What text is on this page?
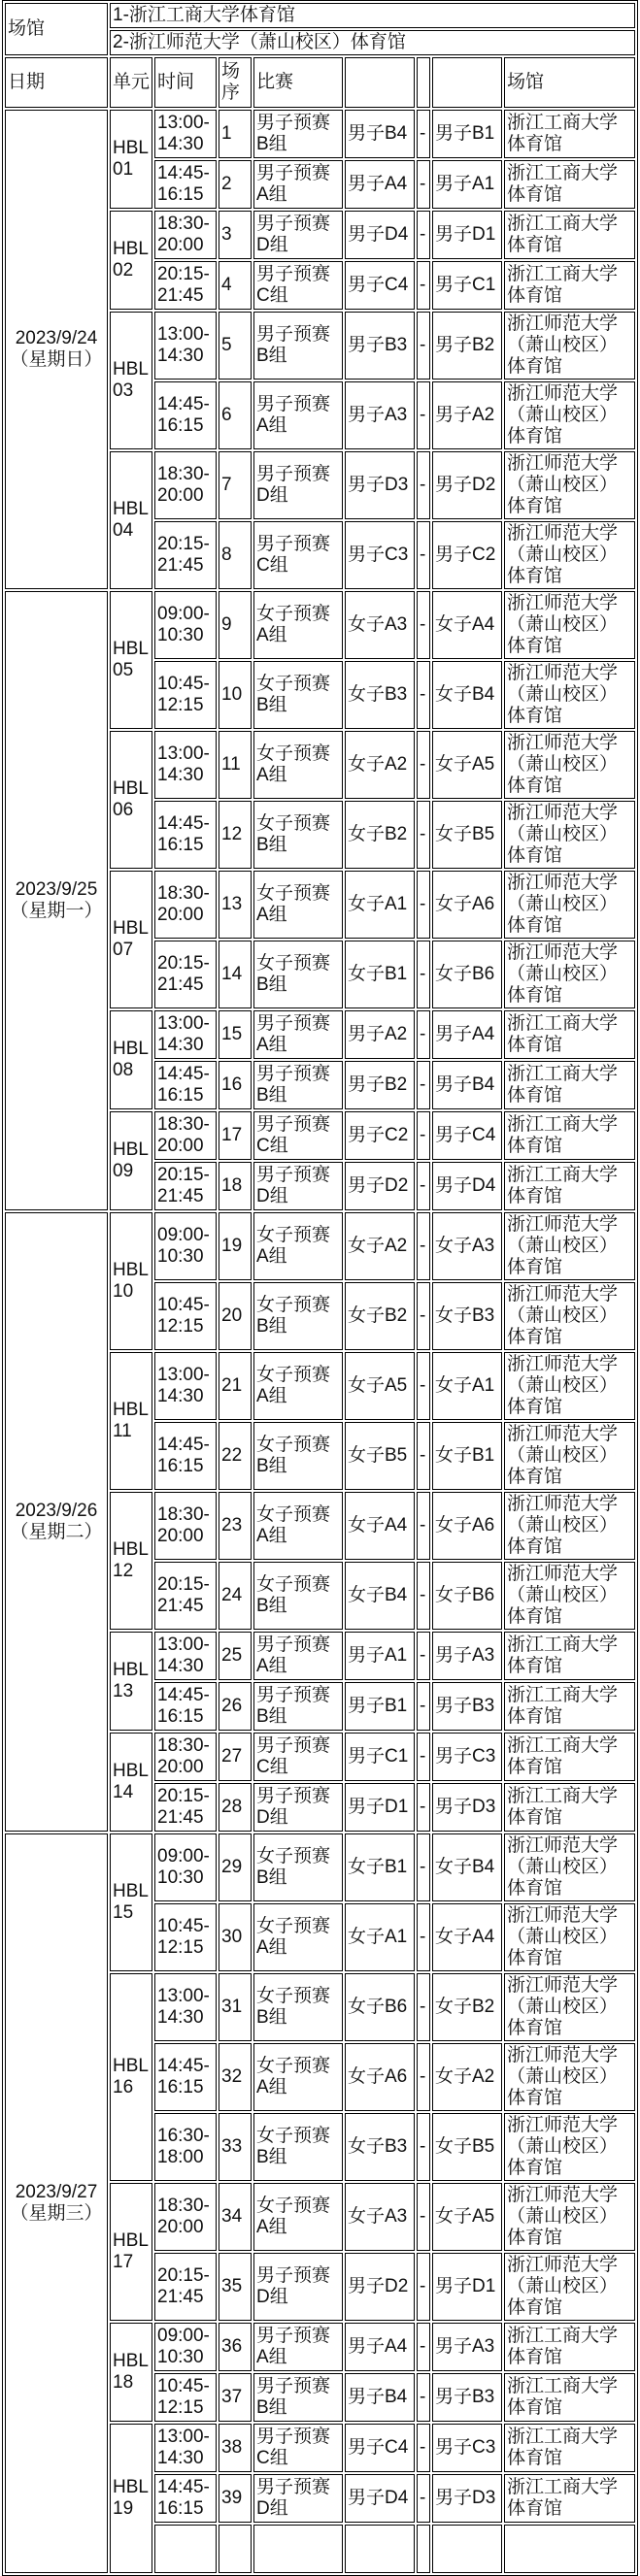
场馆	1-浙江工商大学体育馆							
	2-浙江师范大学（萧山校区）体育馆							
日期	单元	时间	场序	比赛				场馆

2023/9/24
（星期日）	HBL01	13:00-14:30	1	男子预赛B组	男子B4	-	男子B1	浙江工商大学体育馆
		14:45-16:15	2	男子预赛A组	男子A4	-	男子A1	浙江工商大学体育馆
	HBL02	18:30-20:00	3	男子预赛D组	男子D4	-	男子D1	浙江工商大学体育馆
		20:15-21:45	4	男子预赛C组	男子C4	-	男子C1	浙江工商大学体育馆
	HBL03	13:00-14:30	5	男子预赛B组	男子B3	-	男子B2	浙江师范大学（萧山校区）体育馆
		14:45-16:15	6	男子预赛A组	男子A3	-	男子A2	浙江师范大学（萧山校区）体育馆
	HBL04	18:30-20:00	7	男子预赛D组	男子D3	-	男子D2	浙江师范大学（萧山校区）体育馆
		20:15-21:45	8	男子预赛C组	男子C3	-	男子C2	浙江师范大学（萧山校区）体育馆

2023/9/25
（星期一）	HBL05	09:00-10:30	9	女子预赛A组	女子A3	-	女子A4	浙江师范大学（萧山校区）体育馆
		10:45-12:15	10	女子预赛B组	女子B3	-	女子B4	浙江师范大学（萧山校区）体育馆
	HBL06	13:00-14:30	11	女子预赛A组	女子A2	-	女子A5	浙江师范大学（萧山校区）体育馆
		14:45-16:15	12	女子预赛B组	女子B2	-	女子B5	浙江师范大学（萧山校区）体育馆
	HBL07	18:30-20:00	13	女子预赛A组	女子A1	-	女子A6	浙江师范大学（萧山校区）体育馆
		20:15-21:45	14	女子预赛B组	女子B1	-	女子B6	浙江师范大学（萧山校区）体育馆
	HBL08	13:00-14:30	15	男子预赛A组	男子A2	-	男子A4	浙江工商大学体育馆
		14:45-16:15	16	男子预赛B组	男子B2	-	男子B4	浙江工商大学体育馆
	HBL09	18:30-20:00	17	男子预赛C组	男子C2	-	男子C4	浙江工商大学体育馆
		20:15-21:45	18	男子预赛D组	男子D2	-	男子D4	浙江工商大学体育馆

2023/9/26
（星期二）	HBL10	09:00-10:30	19	女子预赛A组	女子A2	-	女子A3	浙江师范大学（萧山校区）体育馆
		10:45-12:15	20	女子预赛B组	女子B2	-	女子B3	浙江师范大学（萧山校区）体育馆
	HBL11	13:00-14:30	21	女子预赛A组	女子A5	-	女子A1	浙江师范大学（萧山校区）体育馆
		14:45-16:15	22	女子预赛B组	女子B5	-	女子B1	浙江师范大学（萧山校区）体育馆
	HBL12	18:30-20:00	23	女子预赛A组	女子A4	-	女子A6	浙江师范大学（萧山校区）体育馆
		20:15-21:45	24	女子预赛B组	女子B4	-	女子B6	浙江师范大学（萧山校区）体育馆
	HBL13	13:00-14:30	25	男子预赛A组	男子A1	-	男子A3	浙江工商大学体育馆
		14:45-16:15	26	男子预赛B组	男子B1	-	男子B3	浙江工商大学体育馆
	HBL14	18:30-20:00	27	男子预赛C组	男子C1	-	男子C3	浙江工商大学体育馆
		20:15-21:45	28	男子预赛D组	男子D1	-	男子D3	浙江工商大学体育馆

2023/9/27
（星期三）	HBL15	09:00-10:30	29	女子预赛B组	女子B1	-	女子B4	浙江师范大学（萧山校区）体育馆
		10:45-12:15	30	女子预赛A组	女子A1	-	女子A4	浙江师范大学（萧山校区）体育馆
	HBL16	13:00-14:30	31	女子预赛B组	女子B6	-	女子B2	浙江师范大学（萧山校区）体育馆
		14:45-16:15	32	女子预赛A组	女子A6	-	女子A2	浙江师范大学（萧山校区）体育馆
		16:30-18:00	33	女子预赛B组	女子B3	-	女子B5	浙江师范大学（萧山校区）体育馆
	HBL17	18:30-20:00	34	女子预赛A组	女子A3	-	女子A5	浙江师范大学（萧山校区）体育馆
		20:15-21:45	35	男子预赛D组	男子D2	-	男子D1	浙江师范大学（萧山校区）体育馆
	HBL18	09:00-10:30	36	男子预赛A组	男子A4	-	男子A3	浙江工商大学体育馆
		10:45-12:15	37	男子预赛B组	男子B4	-	男子B3	浙江工商大学体育馆
	HBL19	13:00-14:30	38	男子预赛C组	男子C4	-	男子C3	浙江工商大学体育馆
		14:45-16:15	39	男子预赛D组	男子D4	-	男子D3	浙江工商大学体育馆
